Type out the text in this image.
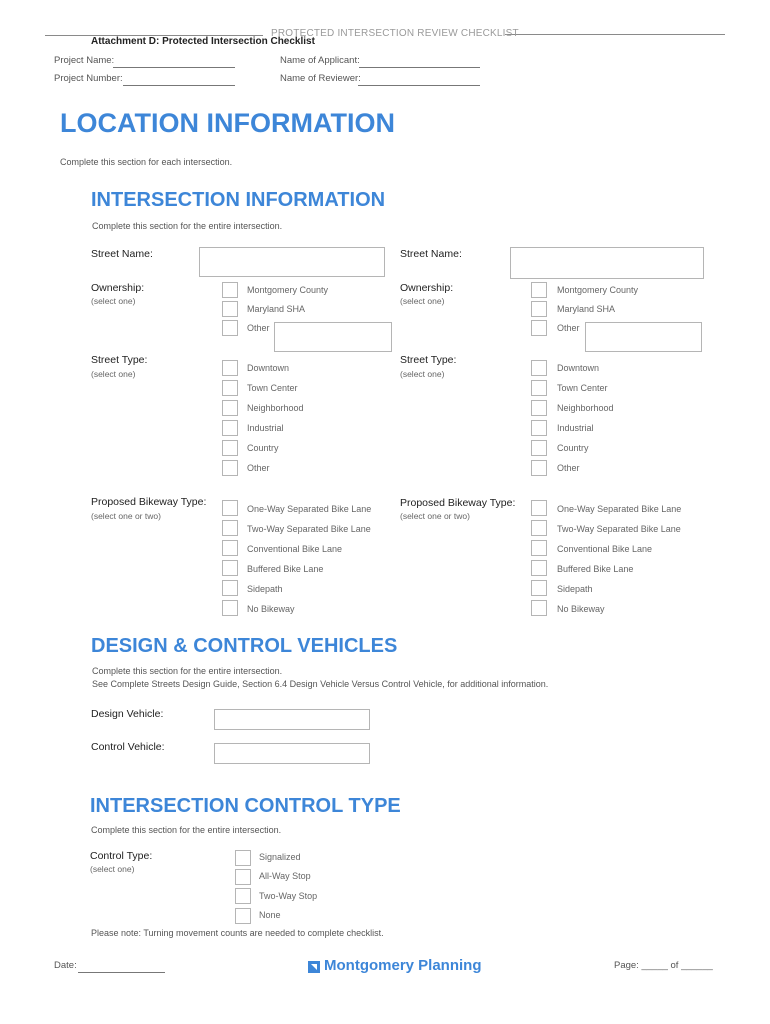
PROTECTED INTERSECTION REVIEW CHECKLIST
Attachment D: Protected Intersection Checklist
Project Name:
Project Number:
Name of Applicant:
Name of Reviewer:
LOCATION INFORMATION
Complete this section for each intersection.
INTERSECTION INFORMATION
Complete this section for the entire intersection.
Street Name:
Ownership:
(select one)
Montgomery County
Maryland SHA
Other
Street Type:
(select one)
Downtown
Town Center
Neighborhood
Industrial
Country
Other
Proposed Bikeway Type:
(select one or two)
One-Way Separated Bike Lane
Two-Way Separated Bike Lane
Conventional Bike Lane
Buffered Bike Lane
Sidepath
No Bikeway
Street Name:
Ownership:
(select one)
Montgomery County
Maryland SHA
Other
Street Type:
(select one)
Downtown
Town Center
Neighborhood
Industrial
Country
Other
Proposed Bikeway Type:
(select one or two)
One-Way Separated Bike Lane
Two-Way Separated Bike Lane
Conventional Bike Lane
Buffered Bike Lane
Sidepath
No Bikeway
DESIGN & CONTROL VEHICLES
Complete this section for the entire intersection.
See Complete Streets Design Guide, Section 6.4 Design Vehicle Versus Control Vehicle, for additional information.
Design Vehicle:
Control Vehicle:
INTERSECTION CONTROL TYPE
Complete this section for the entire intersection.
Control Type:
(select one)
Signalized
All-Way Stop
Two-Way Stop
None
Please note: Turning movement counts are needed to complete checklist.
Date:	Montgomery Planning	Page: _____ of ______
